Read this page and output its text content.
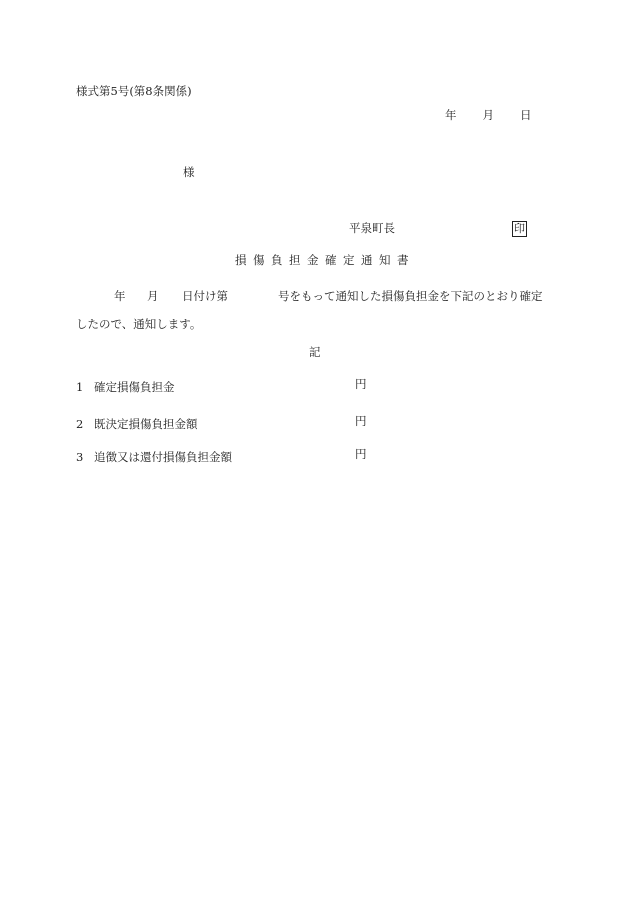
様式第5号(第8条関係)
年 月 日
様
平泉町長	印
損 傷 負 担 金 確 定 通 知 書
年 月 日付け第	号をもって通知した損傷負担金を下記のとおり確定
したので、通知します。
記
1 確定損傷負担金	円
2 既決定損傷負担金額	円
3 追徴又は還付損傷負担金額	円
